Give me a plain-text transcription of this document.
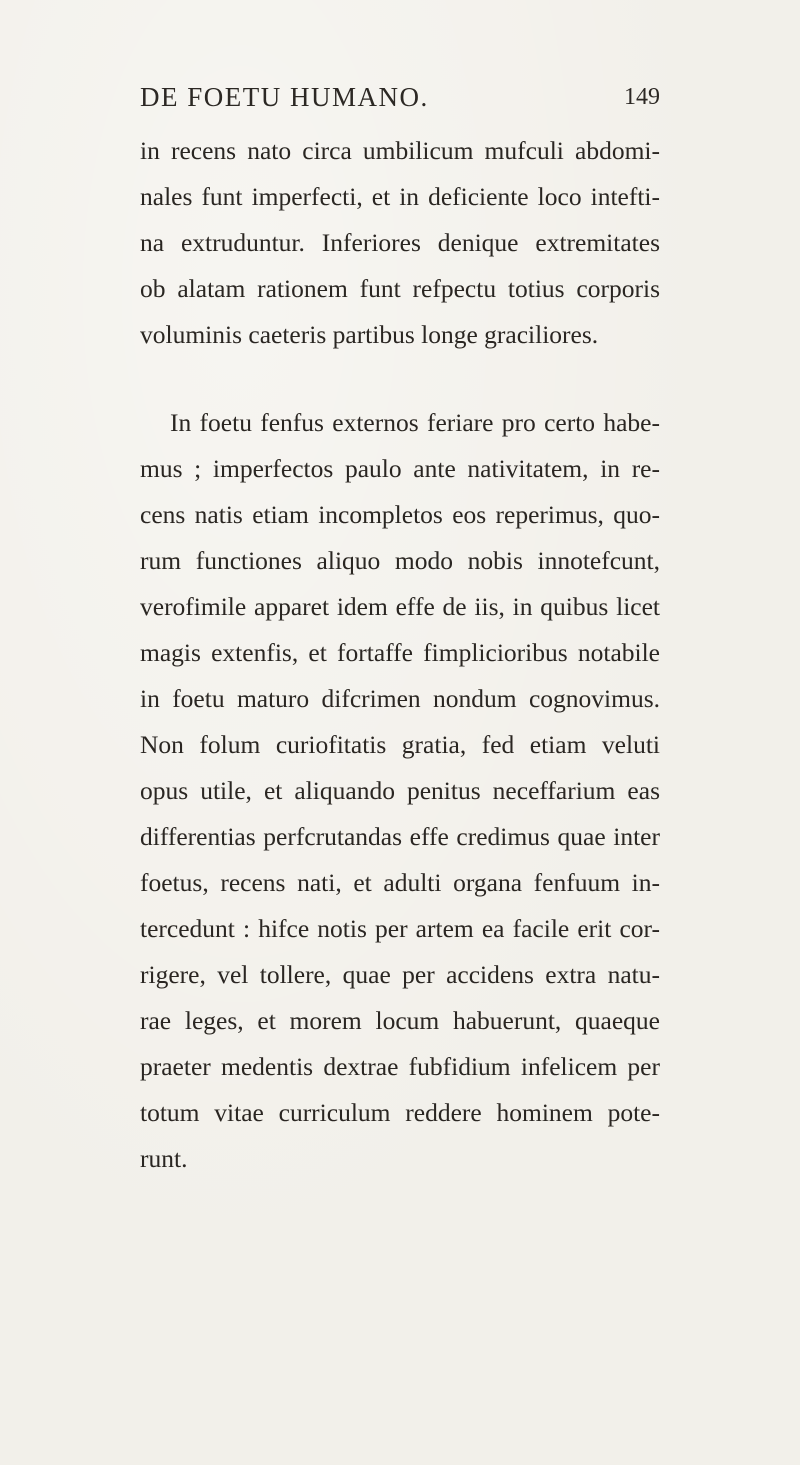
DE FOETU HUMANO.	149
in recens nato circa umbilicum mufculi abdomi-
nales funt imperfecti, et in deficiente loco intefti-
na extruduntur. Inferiores denique extremitates
ob alatam rationem funt refpectu totius corporis
voluminis caeteris partibus longe graciliores.
In foetu fenfus externos feriare pro certo habe-
mus ; imperfectos paulo ante nativitatem, in re-
cens natis etiam incompletos eos reperimus, quo-
rum functiones aliquo modo nobis innotefcunt,
verofimile apparet idem effe de iis, in quibus licet
magis extenfis, et fortaffe fimplicioribus notabile
in foetu maturo difcrimen nondum cognovimus.
Non folum curiofitatis gratia, fed etiam veluti
opus utile, et aliquando penitus neceffarium eas
differentias perfcrutandas effe credimus quae inter
foetus, recens nati, et adulti organa fenfuum in-
tercedunt : hifce notis per artem ea facile erit cor-
rigere, vel tollere, quae per accidens extra natu-
rae leges, et morem locum habuerunt, quaeque
praeter medentis dextrae fubfidium infelicem per
totum vitae curriculum reddere hominem pote-
runt.
